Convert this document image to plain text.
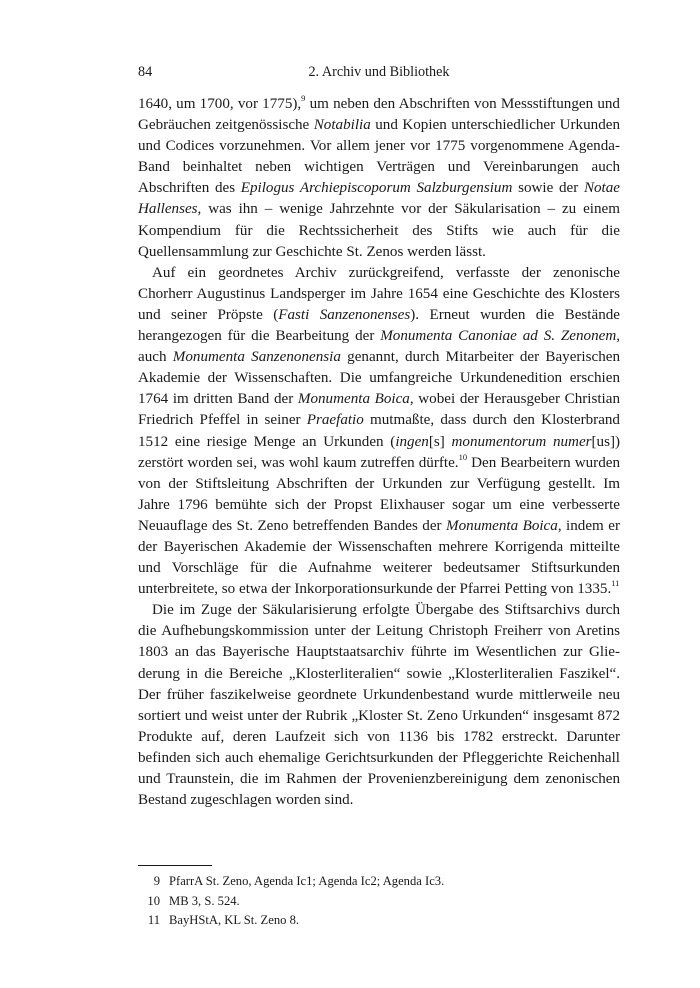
84	2. Archiv und Bibliothek

1640, um 1700, vor 1775),$^9$ um neben den Abschriften von Messstiftungen und Gebräuchen zeitgenössische Notabilia und Kopien unterschiedlicher Urkunden und Codices vorzunehmen. Vor allem jener vor 1775 vorgenommene Agenda-Band beinhaltet neben wichtigen Verträgen und Vereinbarungen auch Abschriften des Epilogus Archiepiscoporum Salzburgensium sowie der Notae Hallenses, was ihn – wenige Jahrzehnte vor der Säkularisation – zu einem Kompendium für die Rechtssicherheit des Stifts wie auch für die Quellensammlung zur Geschichte St. Zenos werden lässt.

Auf ein geordnetes Archiv zurückgreifend, verfasste der zenonische Chorherr Augustinus Landsperger im Jahre 1654 eine Geschichte des Klosters und seiner Pröpste (Fasti Sanzenonenses). Erneut wurden die Bestände herangezogen für die Bearbeitung der Monumenta Canoniae ad S. Zenonem, auch Monumenta Sanzenonensia genannt, durch Mitarbeiter der Bayerischen Akademie der Wissenschaften. Die umfangreiche Urkundenedition erschien 1764 im dritten Band der Monumenta Boica, wobei der Herausgeber Christian Friedrich Pfeffel in seiner Praefatio mutmaßte, dass durch den Klosterbrand 1512 eine riesige Menge an Urkunden (ingen[s] monumentorum numer[us]) zerstört worden sei, was wohl kaum zutreffen dürfte.$^{10}$ Den Bearbeitern wurden von der Stiftsleitung Abschriften der Urkunden zur Verfügung gestellt. Im Jahre 1796 bemühte sich der Propst Elixhauser sogar um eine verbesserte Neuauflage des St. Zeno betreffenden Bandes der Monumenta Boica, indem er der Bayerischen Akademie der Wissenschaften mehrere Korrigenda mitteilte und Vorschläge für die Aufnahme weiterer bedeutsamer Stiftsurkunden unterbreitete, so etwa der Inkorporationsurkunde der Pfarrei Petting von 1335.11

Die im Zuge der Säkularisierung erfolgte Übergabe des Stiftsarchivs durch die Aufhebungskommission unter der Leitung Christoph Freiherr von Aretins 1803 an das Bayerische Hauptstaatsarchiv führte im Wesentlichen zur Gliederung in die Bereiche „Klosterliteralien“ sowie „Klosterliteralien Faszikel“. Der früher faszikelweise geordnete Urkundenbestand wurde mittlerweile neu sortiert und weist unter der Rubrik „Kloster St. Zeno Urkunden“ insgesamt 872 Produkte auf, deren Laufzeit sich von 1136 bis 1782 erstreckt. Darunter befinden sich auch ehemalige Gerichtsurkunden der Pfleggerichte Reichenhall und Traunstein, die im Rahmen der Provenienzbereinigung dem zenonischen Bestand zugeschlagen worden sind.

9 PfarrA St. Zeno, Agenda Ic1; Agenda Ic2; Agenda Ic3.
10 MB 3, S. 524.
11 BayHStA, KL St. Zeno 8.
